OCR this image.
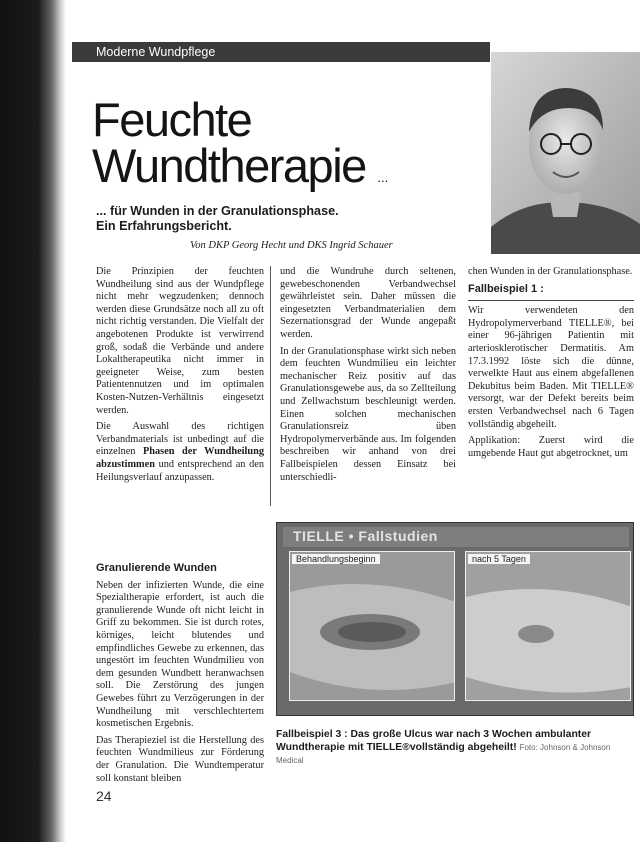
Moderne Wundpflege
Feuchte
Wundtherapie ...
... für Wunden in der Granulationsphase.
Ein Erfahrungsbericht.
Von DKP Georg Hecht und DKS Ingrid Schauer

Die Prinzipien der feuchten Wundheilung sind aus der Wundpflege nicht mehr wegzudenken; dennoch werden diese Grundsätze noch all zu oft nicht richtig verstanden. Die Vielfalt der angebotenen Produkte ist verwirrend groß, sodaß die Verbände und andere Lokaltherapeutika nicht immer in geeigneter Weise, zum besten Patientennutzen und im optimalen Kosten-Nutzen-Verhältnis eingesetzt werden.

Die Auswahl des richtigen Verbandmaterials ist unbedingt auf die einzelnen Phasen der Wundheilung abzustimmen und entsprechend an den Heilungsverlauf anzupassen.

und die Wundruhe durch seltenen, gewebeschonenden Verbandwechsel gewährleistet sein. Daher müssen die eingesetzten Verbandmaterialien dem Sezernationsgrad der Wunde angepaßt werden.

In der Granulationsphase wirkt sich neben dem feuchten Wundmilieu ein leichter mechanischer Reiz positiv auf das Granulationsgewebe aus, da so Zellteilung und Zellwachstum beschleunigt werden. Einen solchen mechanischen Granulationsreiz üben Hydropolymerverbände aus. Im folgenden beschreiben wir anhand von drei Fallbeispielen dessen Einsatz bei unterschiedli-

chen Wunden in der Granulationsphase.

Fallbeispiel 1 :

Wir verwendeten den Hydropolymerverband TIELLE®, bei einer 96-jährigen Patientin mit arteriosklerotischer Dermatitis. Am 17.3.1992 löste sich die dünne, verwelkte Haut aus einem abgefallenen Dekubitus beim Baden. Mit TIELLE® versorgt, war der Defekt bereits beim ersten Verbandwechsel nach 6 Tagen vollständig abgeheilt.

Applikation: Zuerst wird die umgebende Haut gut abgetrocknet, um

Granulierende Wunden

Neben der infizierten Wunde, die eine Spezialtherapie erfordert, ist auch die granulierende Wunde oft nicht leicht in Griff zu bekommen. Sie ist durch rotes, körniges, leicht blutendes und empfindliches Gewebe zu erkennen, das ungestört im feuchten Wundmilieu von dem gesunden Wundbett heranwachsen soll. Die Zerstörung des jungen Gewebes führt zu Verzögerungen in der Wundheilung mit verschlechtertem kosmetischen Ergebnis.

Das Therapieziel ist die Herstellung des feuchten Wundmilieus zur Förderung der Granulation. Die Wundtemperatur soll konstant bleiben

TIELLE • Fallstudien
Behandlungsbeginn	nach 5 Tagen
Fallbeispiel 3 : Das große Ulcus war nach 3 Wochen ambulanter Wundtherapie mit TIELLE®vollständig abgeheilt! Foto: Johnson & Johnson Medical
24
